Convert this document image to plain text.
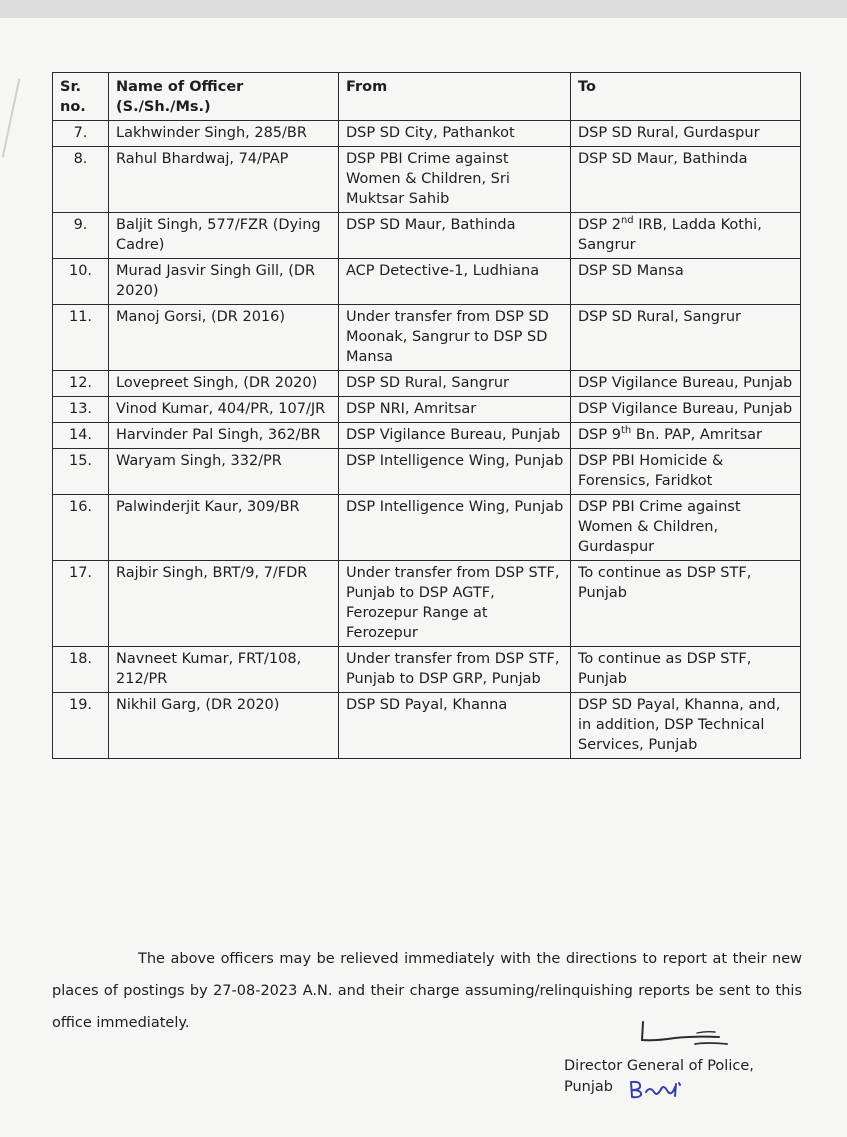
Sr. no.	Name of Officer (S./Sh./Ms.)	From	To
7.	Lakhwinder Singh, 285/BR	DSP SD City, Pathankot	DSP SD Rural, Gurdaspur
8.	Rahul Bhardwaj, 74/PAP	DSP PBI Crime against Women & Children, Sri Muktsar Sahib	DSP SD Maur, Bathinda
9.	Baljit Singh, 577/FZR (Dying Cadre)	DSP SD Maur, Bathinda	DSP 2nd IRB, Ladda Kothi, Sangrur
10.	Murad Jasvir Singh Gill, (DR 2020)	ACP Detective-1, Ludhiana	DSP SD Mansa
11.	Manoj Gorsi, (DR 2016)	Under transfer from DSP SD Moonak, Sangrur to DSP SD Mansa	DSP SD Rural, Sangrur
12.	Lovepreet Singh, (DR 2020)	DSP SD Rural, Sangrur	DSP Vigilance Bureau, Punjab
13.	Vinod Kumar, 404/PR, 107/JR	DSP NRI, Amritsar	DSP Vigilance Bureau, Punjab
14.	Harvinder Pal Singh, 362/BR	DSP Vigilance Bureau, Punjab	DSP 9th Bn. PAP, Amritsar
15.	Waryam Singh, 332/PR	DSP Intelligence Wing, Punjab	DSP PBI Homicide & Forensics, Faridkot
16.	Palwinderjit Kaur, 309/BR	DSP Intelligence Wing, Punjab	DSP PBI Crime against Women & Children, Gurdaspur
17.	Rajbir Singh, BRT/9, 7/FDR	Under transfer from DSP STF, Punjab to DSP AGTF, Ferozepur Range at Ferozepur	To continue as DSP STF, Punjab
18.	Navneet Kumar, FRT/108, 212/PR	Under transfer from DSP STF, Punjab to DSP GRP, Punjab	To continue as DSP STF, Punjab
19.	Nikhil Garg, (DR 2020)	DSP SD Payal, Khanna	DSP SD Payal, Khanna, and, in addition, DSP Technical Services, Punjab

The above officers may be relieved immediately with the directions to report at their new places of postings by 27-08-2023 A.N. and their charge assuming/relinquishing reports be sent to this office immediately.

Director General of Police,
Punjab
